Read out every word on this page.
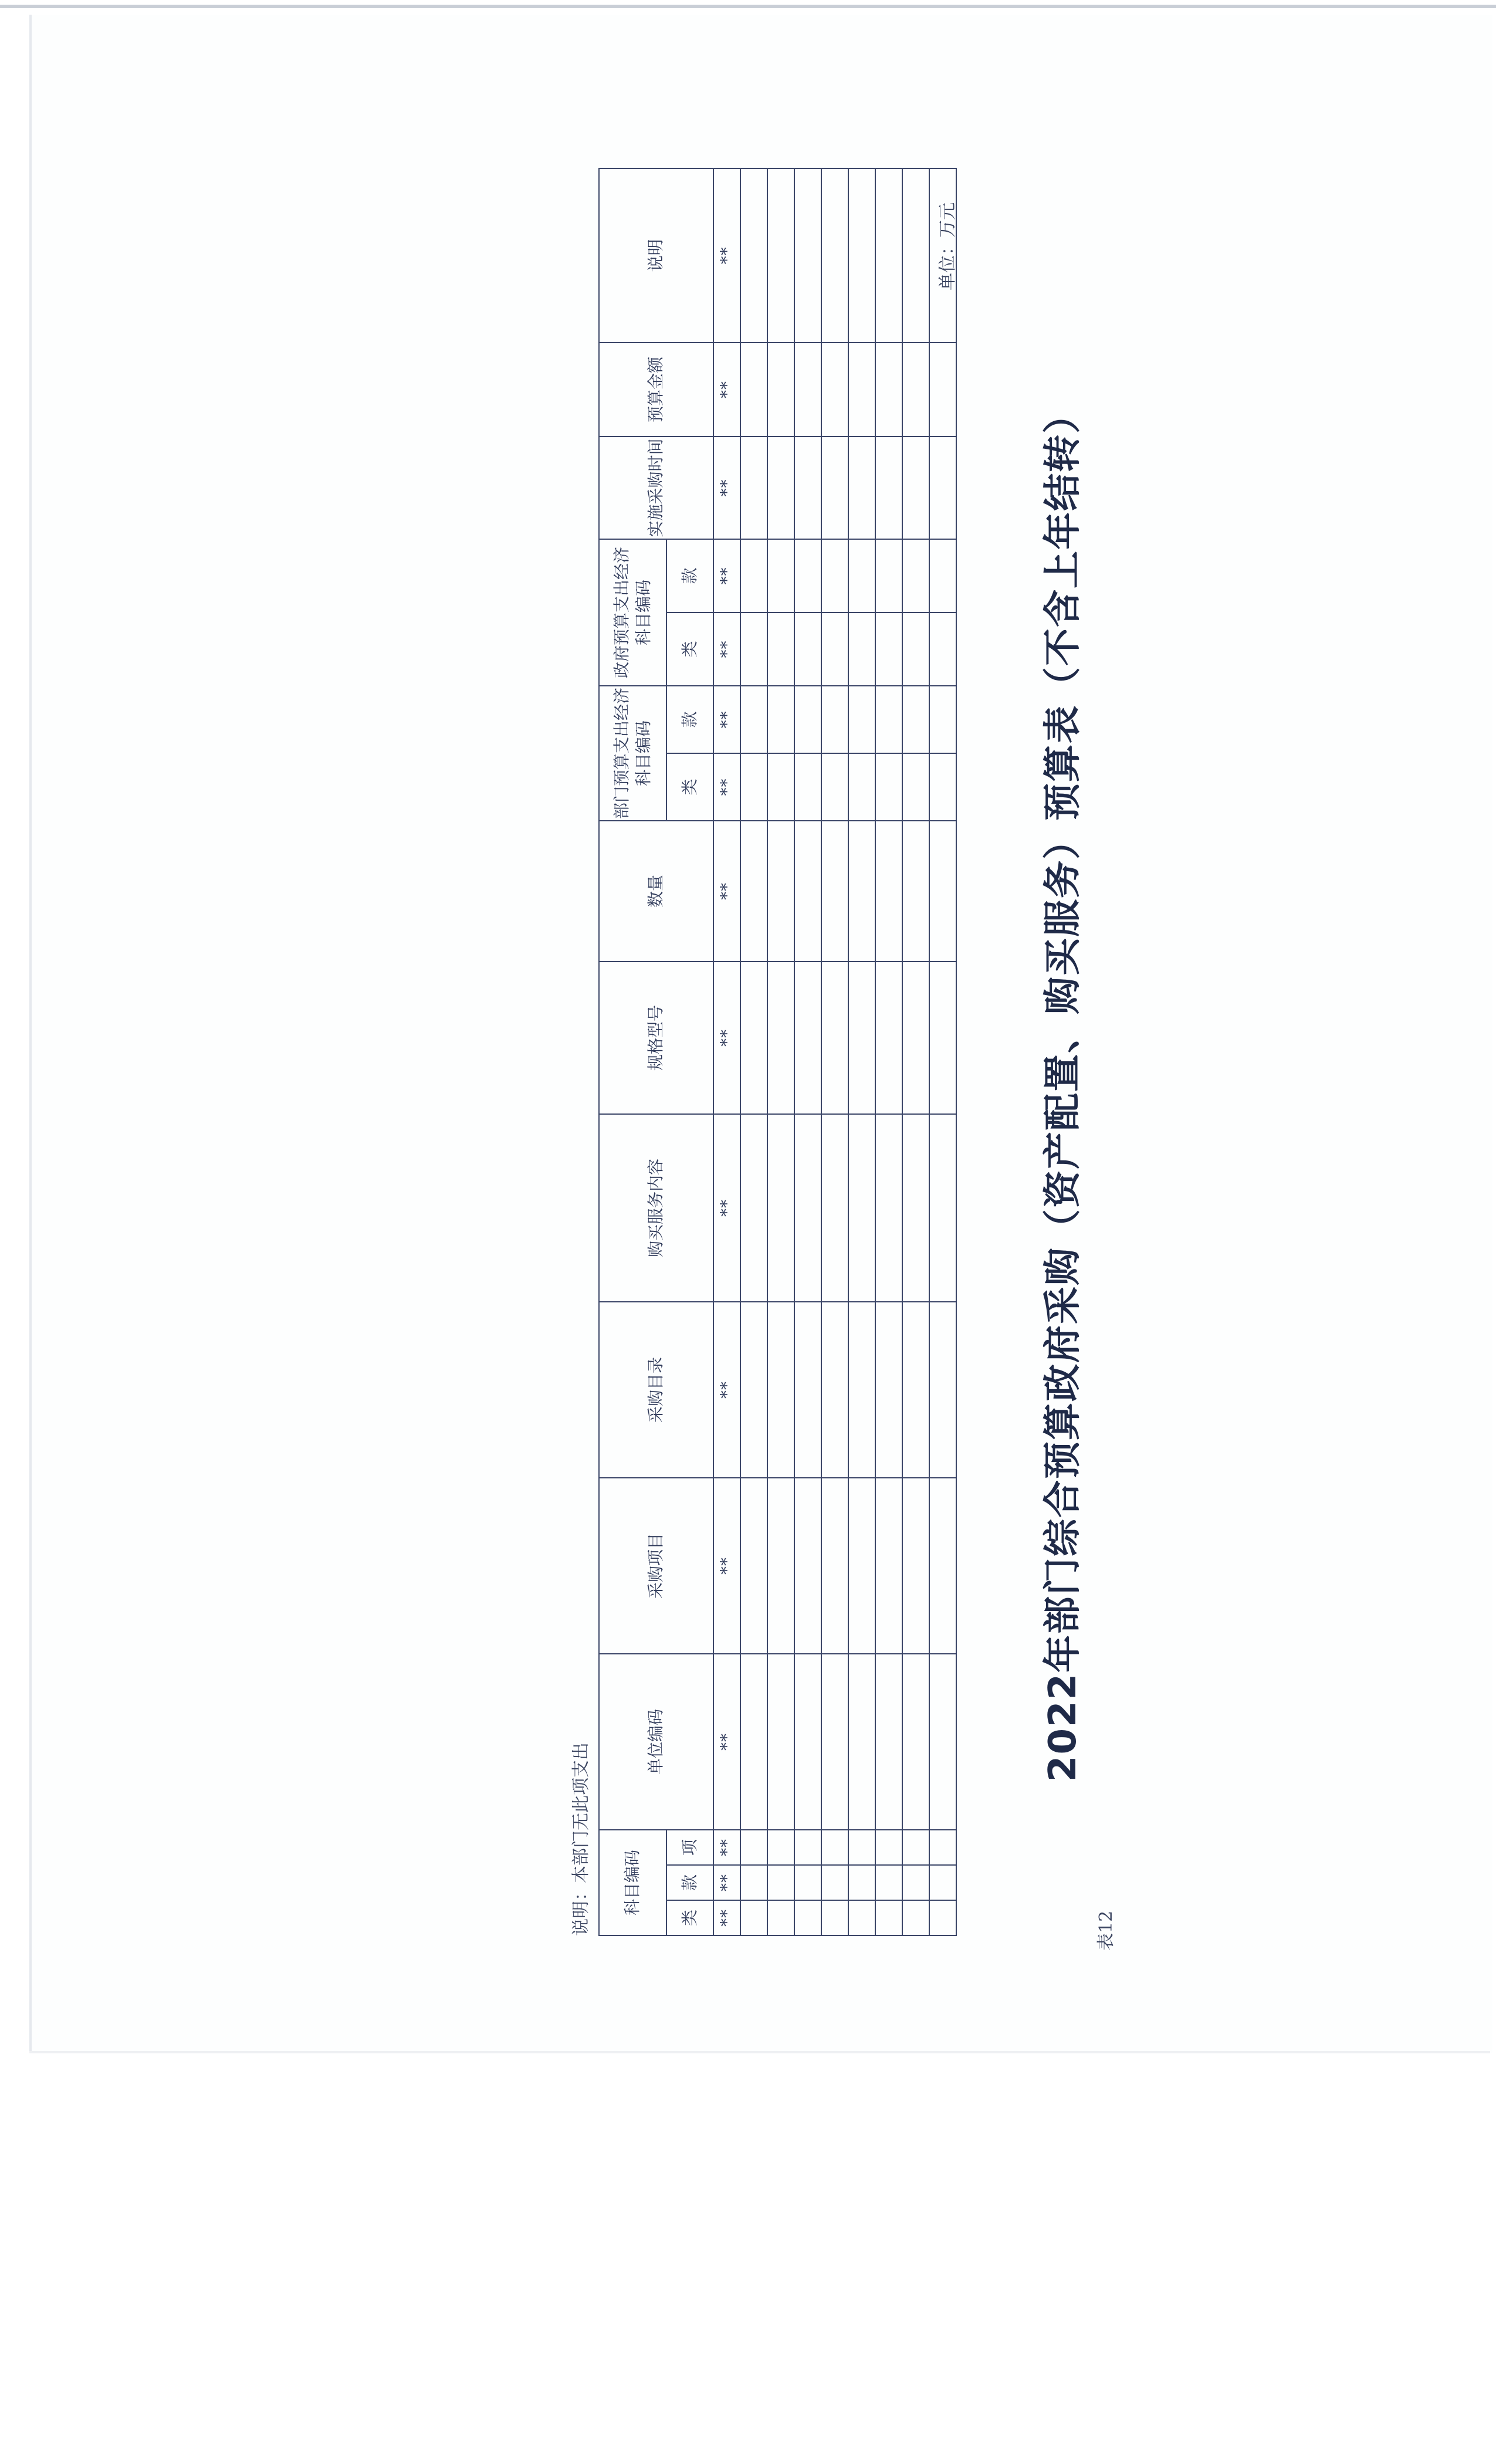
表12
2022年部门综合预算政府采购（资产配置、购买服务）预算表（不含上年结转）
单位：万元
科目编码			单位编码	采购项目	采购目录	购买服务内容	规格型号	数量	部门预算支出经济科目编码		政府预算支出经济科目编码		实施采购时间	预算金额	说明
类	款	项							类	款	类	款			
**	**	**	**	**	**	**	**	**	**	**	**	**	**	**	**

说明：本部门无此项支出
